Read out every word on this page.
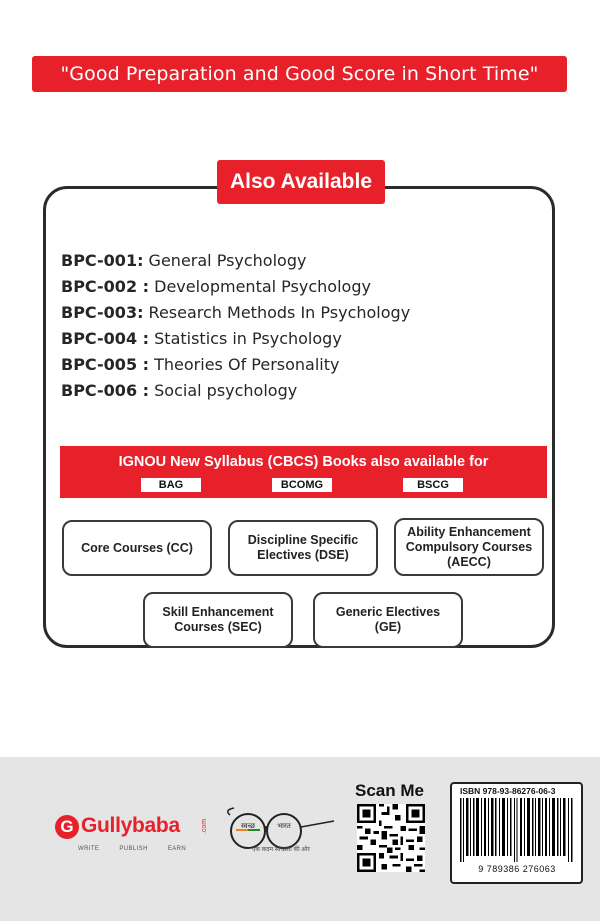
"Good Preparation and Good Score in Short Time"
Also Available
BPC-001: General Psychology
BPC-002 : Developmental Psychology
BPC-003: Research Methods In Psychology
BPC-004 : Statistics in Psychology
BPC-005 : Theories Of Personality
BPC-006 : Social psychology
IGNOU New Syllabus (CBCS) Books also available for
BAG	BCOMG	BSCG
Core Courses (CC)
Discipline Specific Electives (DSE)
Ability Enhancement Compulsory Courses (AECC)
Skill Enhancement Courses (SEC)
Generic Electives (GE)
G Gullybaba	.com
WRITE	PUBLISH	EARN
स्वच्छ	भारत
एक कदम स्वच्छता की ओर
Scan Me	ISBN 978-93-86276-06-3
9 789386 276063
